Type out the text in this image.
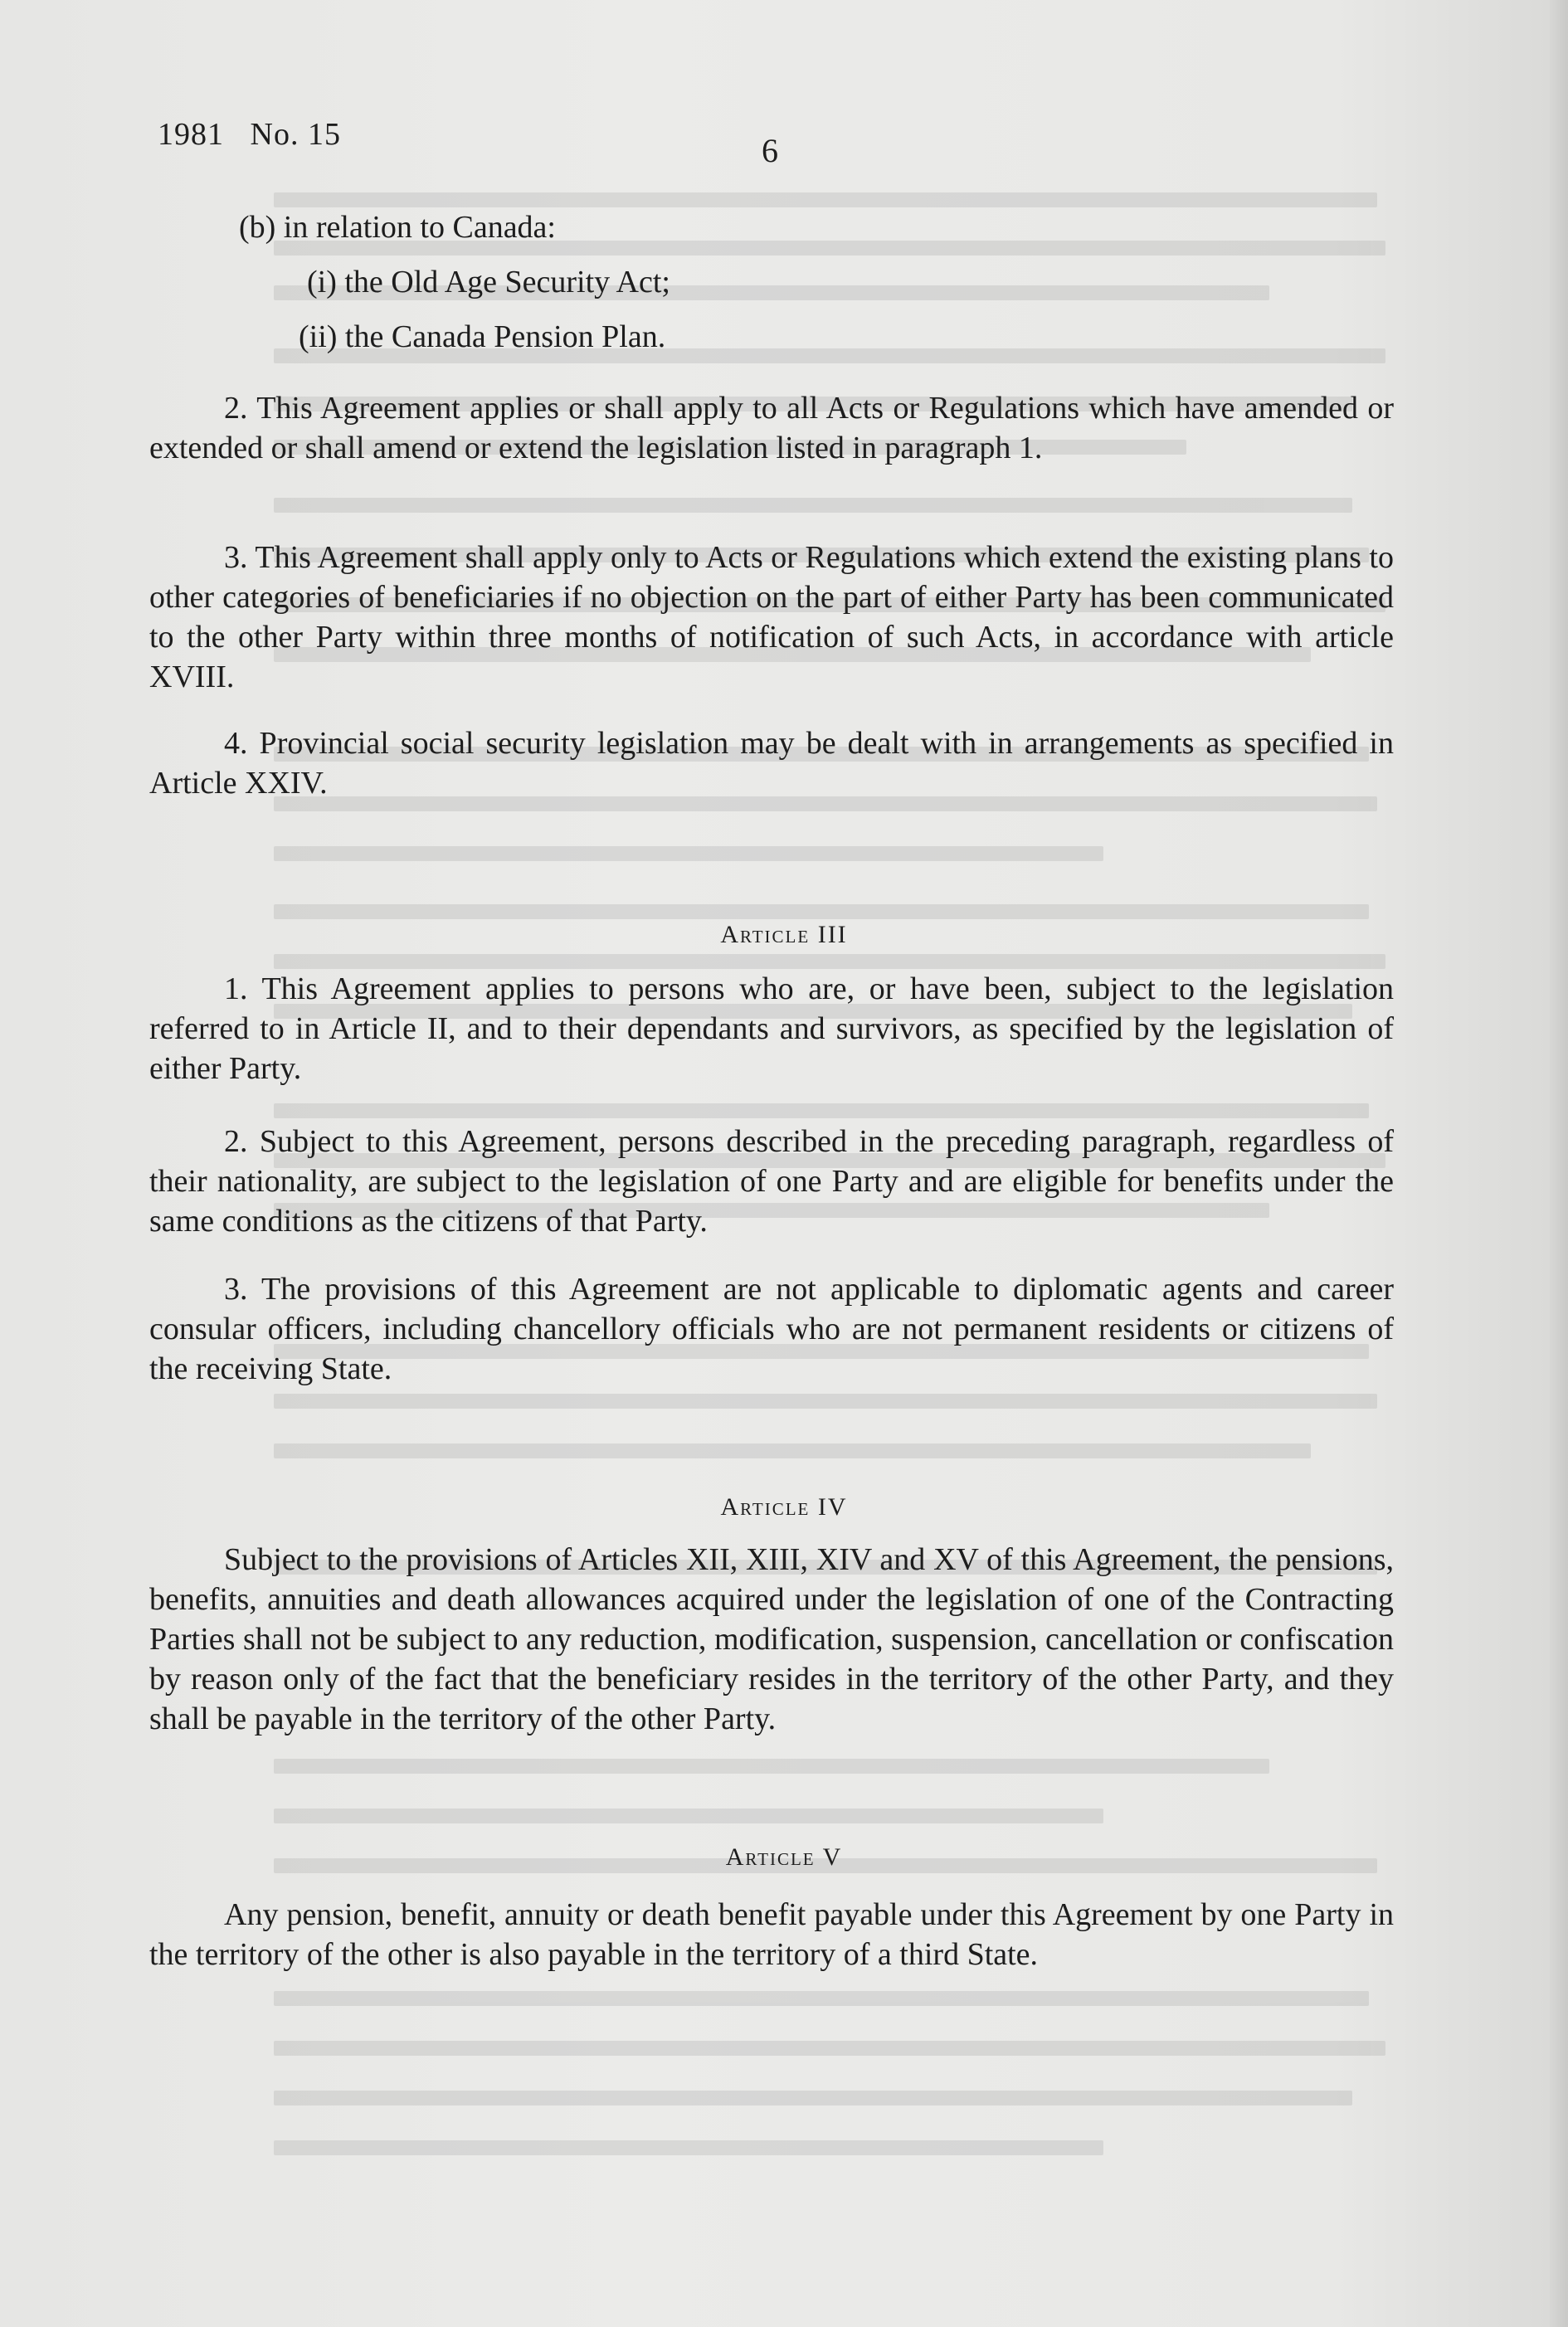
1981   No. 15	6
(b) in relation to Canada:
(i) the Old Age Security Act;
(ii) the Canada Pension Plan.
2. This Agreement applies or shall apply to all Acts or Regulations which have amended or extended or shall amend or extend the legislation listed in paragraph 1.
3. This Agreement shall apply only to Acts or Regulations which extend the existing plans to other categories of beneficiaries if no objection on the part of either Party has been communicated to the other Party within three months of notification of such Acts, in accordance with article XVIII.
4. Provincial social security legislation may be dealt with in arrangements as specified in Article XXIV.
Article III
1. This Agreement applies to persons who are, or have been, subject to the legislation referred to in Article II, and to their dependants and survivors, as specified by the legislation of either Party.
2. Subject to this Agreement, persons described in the preceding paragraph, regardless of their nationality, are subject to the legislation of one Party and are eligible for benefits under the same conditions as the citizens of that Party.
3. The provisions of this Agreement are not applicable to diplomatic agents and career consular officers, including chancellory officials who are not permanent residents or citizens of the receiving State.
Article IV
Subject to the provisions of Articles XII, XIII, XIV and XV of this Agreement, the pensions, benefits, annuities and death allowances acquired under the legislation of one of the Contracting Parties shall not be subject to any reduction, modification, suspension, cancellation or confiscation by reason only of the fact that the beneficiary resides in the territory of the other Party, and they shall be payable in the territory of the other Party.
Article V
Any pension, benefit, annuity or death benefit payable under this Agreement by one Party in the territory of the other is also payable in the territory of a third State.
